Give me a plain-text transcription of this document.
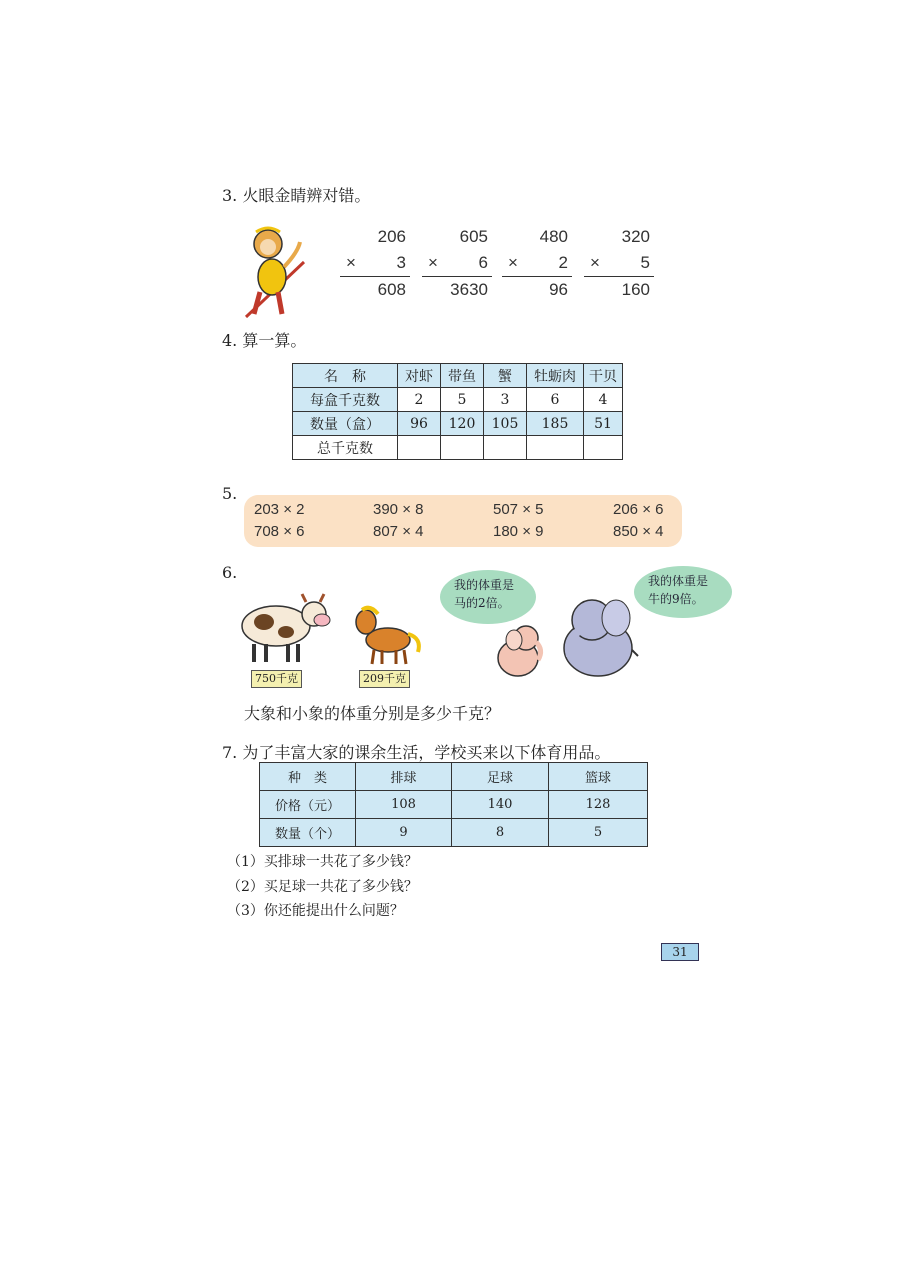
3. 火眼金睛辨对错。
206
× 3
608
605
× 6
3630
480
× 2
96
320
× 5
160
4. 算一算。
名　称	对虾	带鱼	蟹	牡蛎肉	干贝
每盒千克数	2	5	3	6	4
数量（盒）	96	120	105	185	51
总千克数					
5.
203 × 2	390 × 8	507 × 5	206 × 6
708 × 6	807 × 4	180 × 9	850 × 4
6.
750千克	209千克
我的体重是
马的2倍。
我的体重是
牛的9倍。
大象和小象的体重分别是多少千克？
7. 为了丰富大家的课余生活，学校买来以下体育用品。
种　类	排球	足球	篮球
价格（元）	108	140	128
数量（个）	9	8	5
（1）买排球一共花了多少钱？
（2）买足球一共花了多少钱？
（3）你还能提出什么问题？
31
